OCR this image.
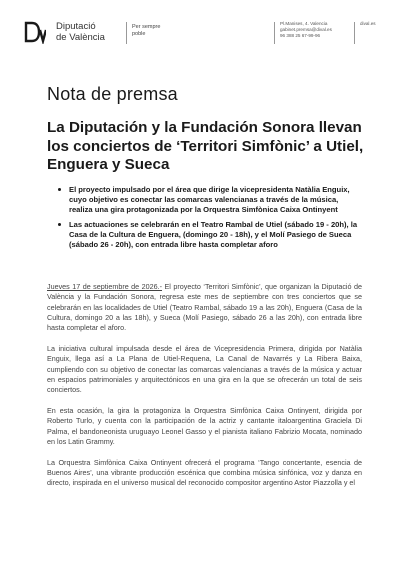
Diputació
de València
Per sempre
poble
Pl.Manises, 4. Valencia
gabinet.premsa@dival.es
96 388 25 67-99-96
dival.es
Nota de premsa
La Diputación y la Fundación Sonora llevan los conciertos de ‘Territori Simfònic’ a Utiel, Enguera y Sueca
El proyecto impulsado por el área que dirige la vicepresidenta Natàlia Enguix, cuyo objetivo es conectar las comarcas valencianas a través de la música, realiza una gira protagonizada por la Orquestra Simfònica Caixa Ontinyent
Las actuaciones se celebrarán en el Teatro Rambal de Utiel (sábado 19 - 20h), la Casa de la Cultura de Enguera, (domingo 20 - 18h), y el Molí Pasiego de Sueca (sábado 26 - 20h), con entrada libre hasta completar aforo

Jueves 17 de septiembre de 2026.- El proyecto ‘Territori Simfònic’, que organizan la Diputació de València y la Fundación Sonora, regresa este mes de septiembre con tres conciertos que se celebrarán en las localidades de Utiel (Teatro Rambal, sábado 19 a las 20h), Enguera (Casa de la Cultura, domingo 20 a las 18h), y Sueca (Molí Pasiego, sábado 26 a las 20h), con entrada libre hasta completar el aforo.

La iniciativa cultural impulsada desde el área de Vicepresidencia Primera, dirigida por Natàlia Enguix, llega así a La Plana de Utiel-Requena, La Canal de Navarrés y La Ribera Baixa, cumpliendo con su objetivo de conectar las comarcas valencianas a través de la música y actuar en espacios patrimoniales y arquitectónicos en una gira en la que se ofrecerán un total de seis conciertos.

En esta ocasión, la gira la protagoniza la Orquestra Simfònica Caixa Ontinyent, dirigida por Roberto Turlo, y cuenta con la participación de la actriz y cantante italoargentina Graciela Di Palma, el bandoneonista uruguayo Leonel Gasso y el pianista italiano Fabrizio Mocata, nominado en los Latin Grammy.

La Orquestra Simfònica Caixa Ontinyent ofrecerá el programa ‘Tango concertante, esencia de Buenos Aires’, una vibrante producción escénica que combina música sinfónica, voz y danza en directo, inspirada en el universo musical del reconocido compositor argentino Astor Piazzolla y el
